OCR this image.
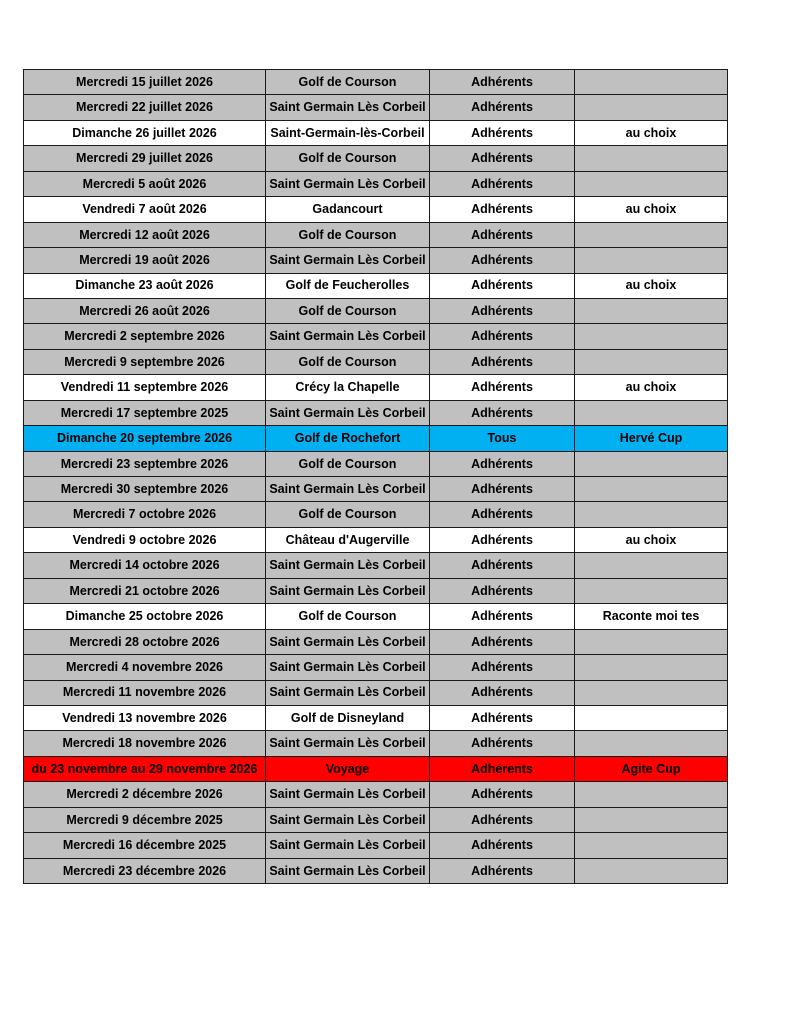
Mercredi 15 juillet 2026	Golf de Courson	Adhérents	
Mercredi 22 juillet 2026	Saint Germain Lès Corbeil	Adhérents	
Dimanche 26 juillet 2026	Saint-Germain-lès-Corbeil	Adhérents	au choix
Mercredi 29 juillet 2026	Golf de Courson	Adhérents	
Mercredi 5 août 2026	Saint Germain Lès Corbeil	Adhérents	
Vendredi 7 août 2026	Gadancourt	Adhérents	au choix
Mercredi 12 août 2026	Golf de Courson	Adhérents	
Mercredi 19 août 2026	Saint Germain Lès Corbeil	Adhérents	
Dimanche 23 août 2026	Golf de Feucherolles	Adhérents	au choix
Mercredi 26 août 2026	Golf de Courson	Adhérents	
Mercredi 2 septembre 2026	Saint Germain Lès Corbeil	Adhérents	
Mercredi 9 septembre 2026	Golf de Courson	Adhérents	
Vendredi 11 septembre 2026	Crécy la Chapelle	Adhérents	au choix
Mercredi 17 septembre 2025	Saint Germain Lès Corbeil	Adhérents	
Dimanche 20 septembre 2026	Golf de Rochefort	Tous	Hervé Cup
Mercredi 23 septembre 2026	Golf de Courson	Adhérents	
Mercredi 30 septembre 2026	Saint Germain Lès Corbeil	Adhérents	
Mercredi 7 octobre 2026	Golf de Courson	Adhérents	
Vendredi 9 octobre 2026	Château d'Augerville	Adhérents	au choix
Mercredi 14 octobre 2026	Saint Germain Lès Corbeil	Adhérents	
Mercredi 21 octobre 2026	Saint Germain Lès Corbeil	Adhérents	
Dimanche 25 octobre 2026	Golf de Courson	Adhérents	Raconte moi tes
Mercredi 28 octobre 2026	Saint Germain Lès Corbeil	Adhérents	
Mercredi 4 novembre 2026	Saint Germain Lès Corbeil	Adhérents	
Mercredi 11 novembre 2026	Saint Germain Lès Corbeil	Adhérents	
Vendredi 13 novembre 2026	Golf de Disneyland	Adhérents	
Mercredi 18 novembre 2026	Saint Germain Lès Corbeil	Adhérents	
du 23 novembre au 29 novembre 2026	Voyage	Adhérents	Agite Cup
Mercredi 2 décembre 2026	Saint Germain Lès Corbeil	Adhérents	
Mercredi 9 décembre 2025	Saint Germain Lès Corbeil	Adhérents	
Mercredi 16 décembre 2025	Saint Germain Lès Corbeil	Adhérents	
Mercredi 23 décembre 2026	Saint Germain Lès Corbeil	Adhérents	
